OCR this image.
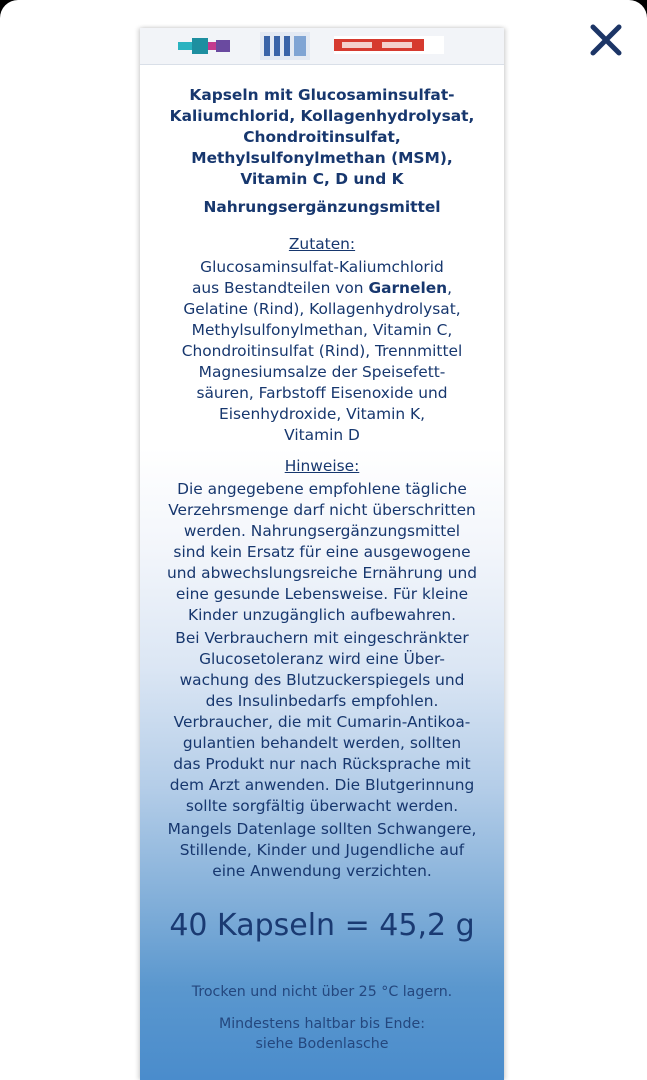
Kapseln mit Glucosaminsulfat-
Kaliumchlorid, Kollagenhydrolysat,
Chondroitinsulfat,
Methylsulfonylmethan (MSM),
Vitamin C, D und K
Nahrungsergänzungsmittel
Zutaten:
Glucosaminsulfat-Kaliumchlorid
aus Bestandteilen von Garnelen,
Gelatine (Rind), Kollagenhydrolysat,
Methylsulfonylmethan, Vitamin C,
Chondroitinsulfat (Rind), Trennmittel
Magnesiumsalze der Speisefett-
säuren, Farbstoff Eisenoxide und
Eisenhydroxide, Vitamin K,
Vitamin D
Hinweise:
Die angegebene empfohlene tägliche
Verzehrsmenge darf nicht überschritten
werden. Nahrungsergänzungsmittel
sind kein Ersatz für eine ausgewogene
und abwechslungsreiche Ernährung und
eine gesunde Lebensweise. Für kleine
Kinder unzugänglich aufbewahren.
Bei Verbrauchern mit eingeschränkter
Glucosetoleranz wird eine Über-
wachung des Blutzuckerspiegels und
des Insulinbedarfs empfohlen.
Verbraucher, die mit Cumarin-Antikoa-
gulantien behandelt werden, sollten
das Produkt nur nach Rücksprache mit
dem Arzt anwenden. Die Blutgerinnung
sollte sorgfältig überwacht werden.
Mangels Datenlage sollten Schwangere,
Stillende, Kinder und Jugendliche auf
eine Anwendung verzichten.
40 Kapseln = 45,2 g
Trocken und nicht über 25 °C lagern.
Mindestens haltbar bis Ende:
siehe Bodenlasche
